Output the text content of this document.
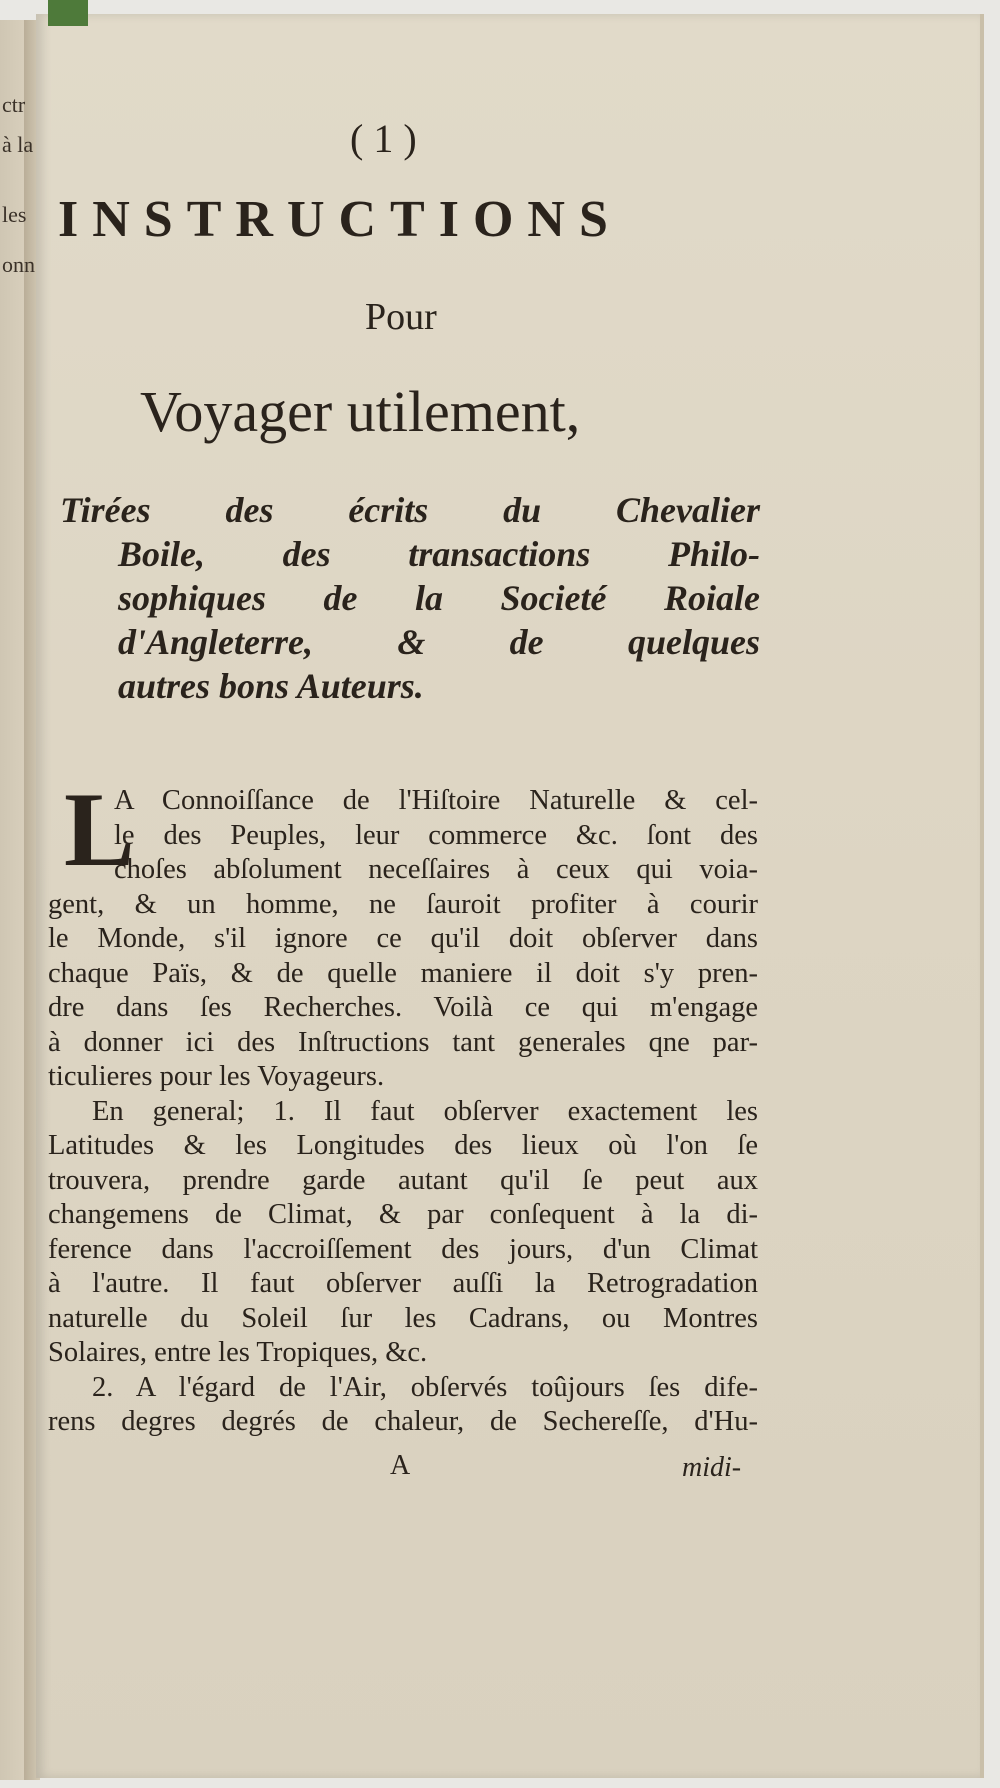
ctr
à la
les
onn
( 1 )
INSTRUCTIONS
Pour
Voyager utilement,
Tirées des écrits du Chevalier
Boile, des transactions Philo-
sophiques de la Societé Roiale
d'Angleterre, & de quelques
autres bons Auteurs.
L
A Connoiſſance de l'Hiſtoire Naturelle & cel-
le des Peuples, leur commerce &c. ſont des
choſes abſolument neceſſaires à ceux qui voia-
gent, & un homme, ne ſauroit profiter à courir
le Monde, s'il ignore ce qu'il doit obſerver dans
chaque Païs, & de quelle maniere il doit s'y pren-
dre dans ſes Recherches. Voilà ce qui m'engage
à donner ici des Inſtructions tant generales qne par-
ticulieres pour les Voyageurs.
En general; 1. Il faut obſerver exactement les
Latitudes & les Longitudes des lieux où l'on ſe
trouvera, prendre garde autant qu'il ſe peut aux
changemens de Climat, & par conſequent à la di-
ference dans l'accroiſſement des jours, d'un Climat
à l'autre. Il faut obſerver auſſi la Retrogradation
naturelle du Soleil ſur les Cadrans, ou Montres
Solaires, entre les Tropiques, &c.
2. A l'égard de l'Air, obſervés toûjours ſes dife-
rens degres degrés de chaleur, de Sechereſſe, d'Hu-
A	midi-
